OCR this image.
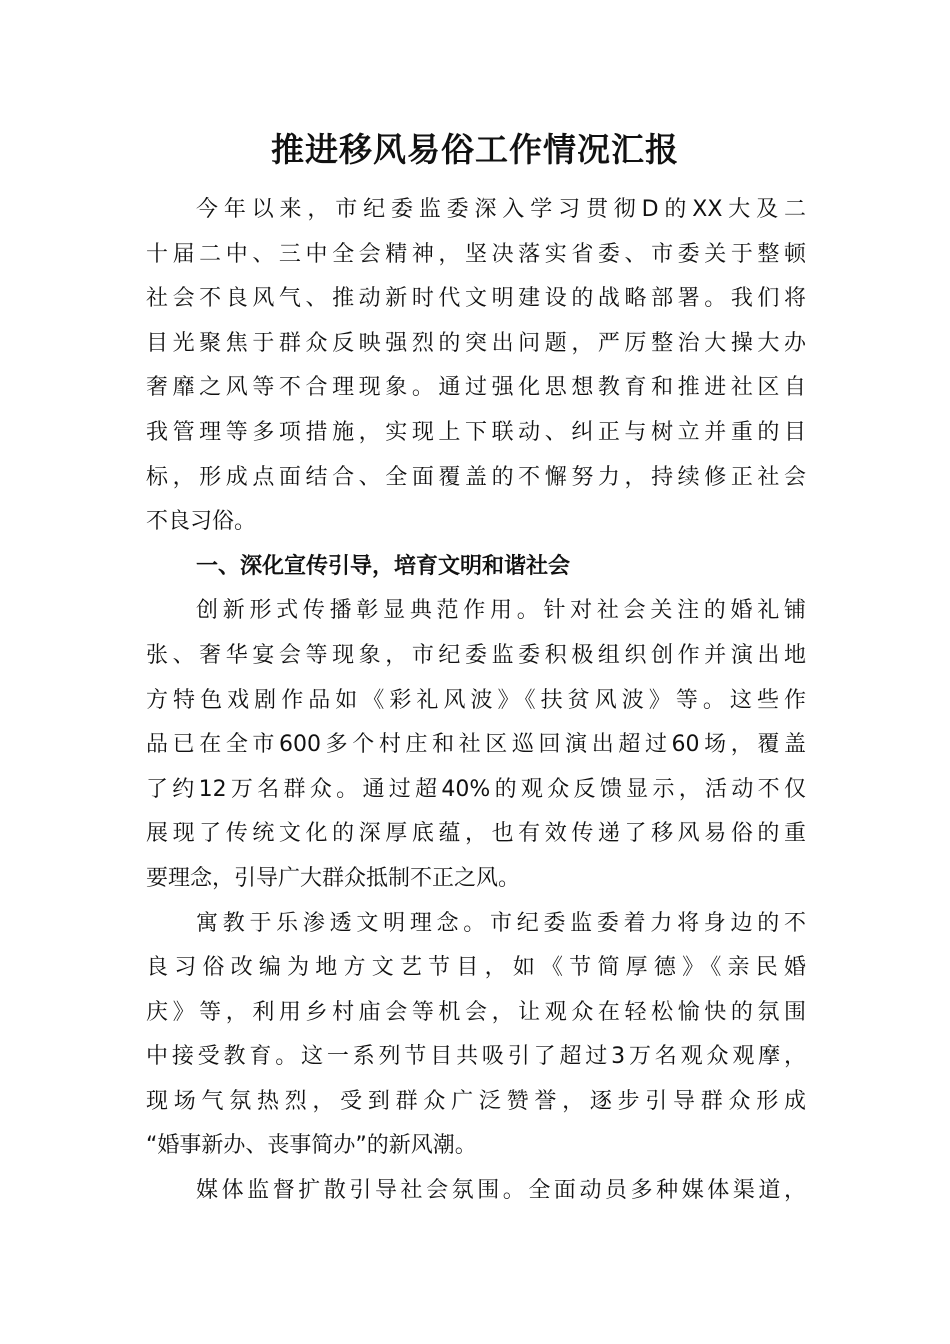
推进移风易俗工作情况汇报
今年以来，市纪委监委深入学习贯彻D的XX大及二
十届二中、三中全会精神，坚决落实省委、市委关于整顿
社会不良风气、推动新时代文明建设的战略部署。我们将
目光聚焦于群众反映强烈的突出问题，严厉整治大操大办
奢靡之风等不合理现象。通过强化思想教育和推进社区自
我管理等多项措施，实现上下联动、纠正与树立并重的目
标，形成点面结合、全面覆盖的不懈努力，持续修正社会
不良习俗。
一、深化宣传引导，培育文明和谐社会
创新形式传播彰显典范作用。针对社会关注的婚礼铺
张、奢华宴会等现象，市纪委监委积极组织创作并演出地
方特色戏剧作品如《彩礼风波》《扶贫风波》等。这些作
品已在全市600多个村庄和社区巡回演出超过60场，覆盖
了约12万名群众。通过超40%的观众反馈显示，活动不仅
展现了传统文化的深厚底蕴，也有效传递了移风易俗的重
要理念，引导广大群众抵制不正之风。
寓教于乐渗透文明理念。市纪委监委着力将身边的不
良习俗改编为地方文艺节目，如《节简厚德》《亲民婚
庆》等，利用乡村庙会等机会，让观众在轻松愉快的氛围
中接受教育。这一系列节目共吸引了超过3万名观众观摩，
现场气氛热烈，受到群众广泛赞誉，逐步引导群众形成
“婚事新办、丧事简办”的新风潮。
媒体监督扩散引导社会氛围。全面动员多种媒体渠道，
